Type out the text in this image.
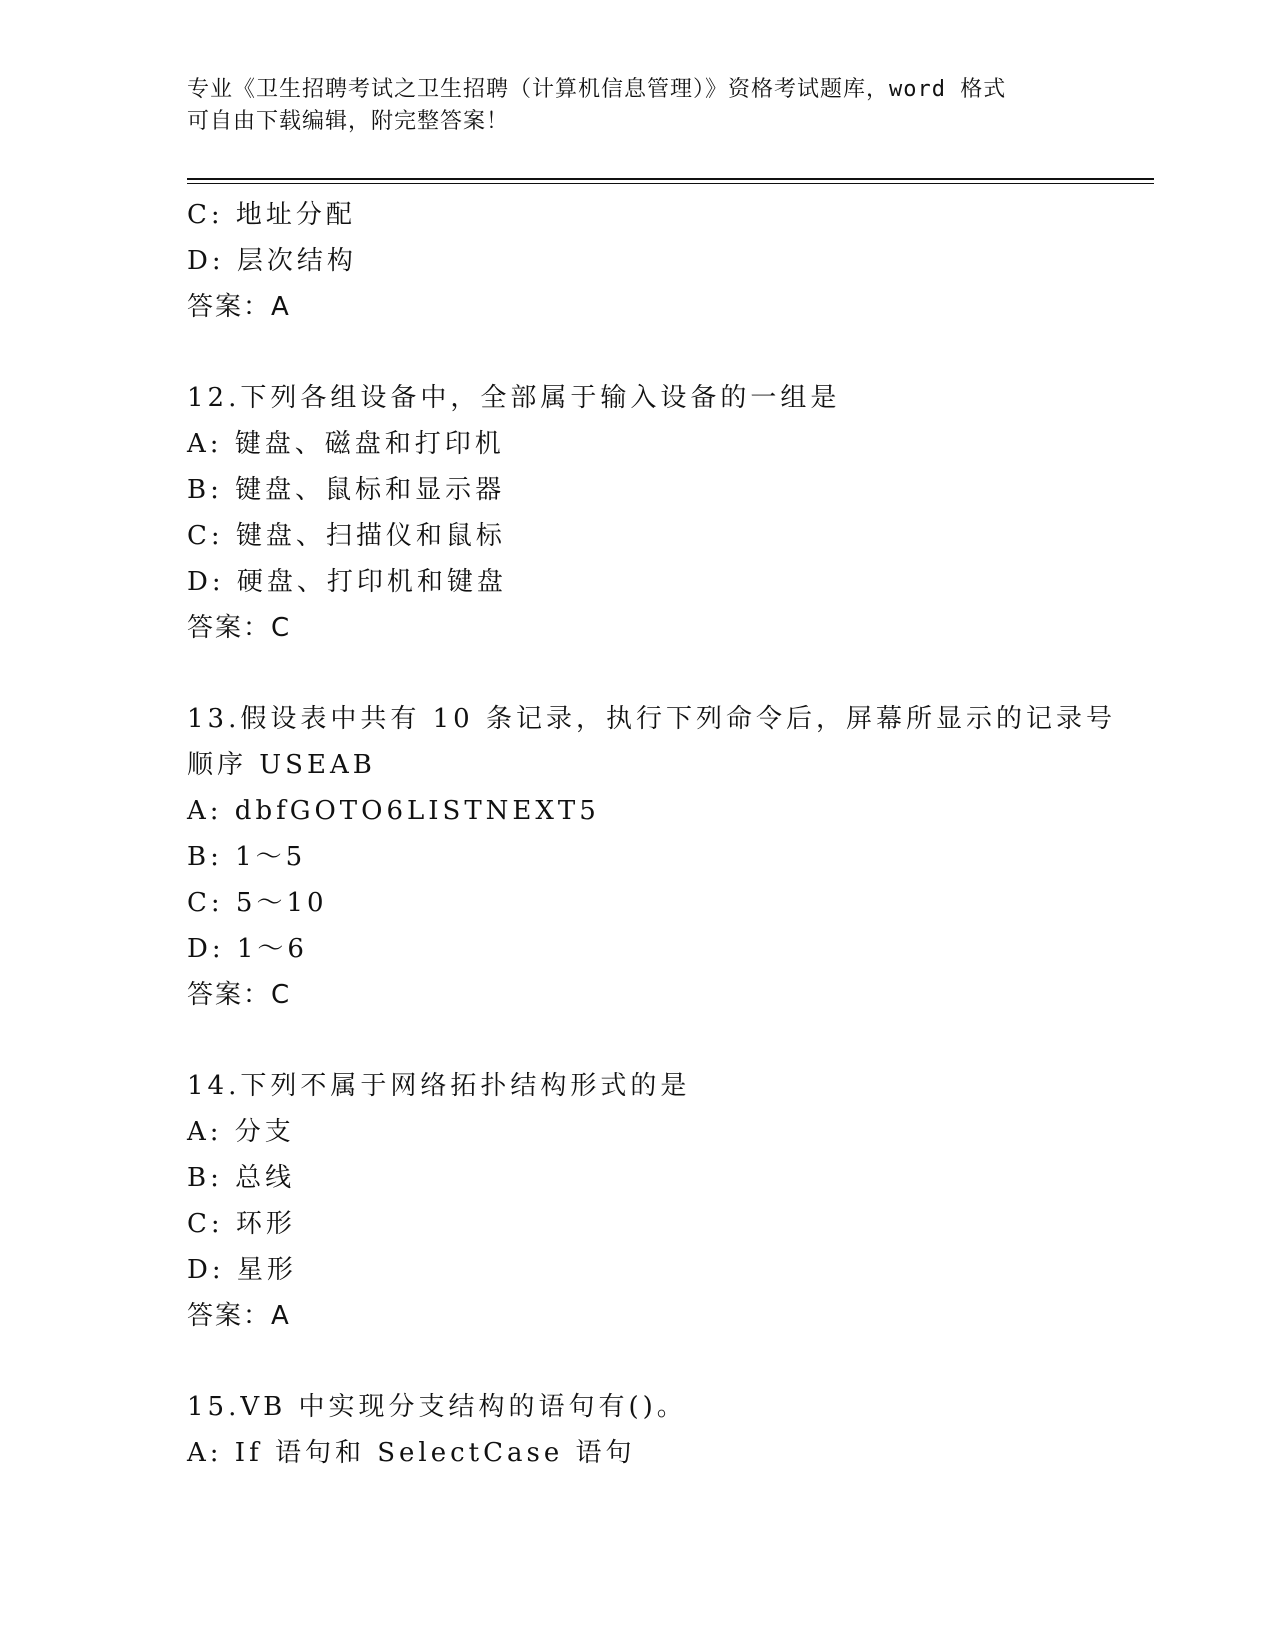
专业《卫生招聘考试之卫生招聘（计算机信息管理）》资格考试题库，word 格式
可自由下载编辑，附完整答案！
C: 地址分配
D: 层次结构
答案：A
12.下列各组设备中，全部属于输入设备的一组是
A: 键盘、磁盘和打印机
B: 键盘、鼠标和显示器
C: 键盘、扫描仪和鼠标
D: 硬盘、打印机和键盘
答案：C
13.假设表中共有 10 条记录，执行下列命令后，屏幕所显示的记录号
顺序 USEAB
A: dbfGOTO6LISTNEXT5
B: 1～5
C: 5～10
D: 1～6
答案：C
14.下列不属于网络拓扑结构形式的是
A: 分支
B: 总线
C: 环形
D: 星形
答案：A
15.VB 中实现分支结构的语句有()。
A: If 语句和 SelectCase 语句
